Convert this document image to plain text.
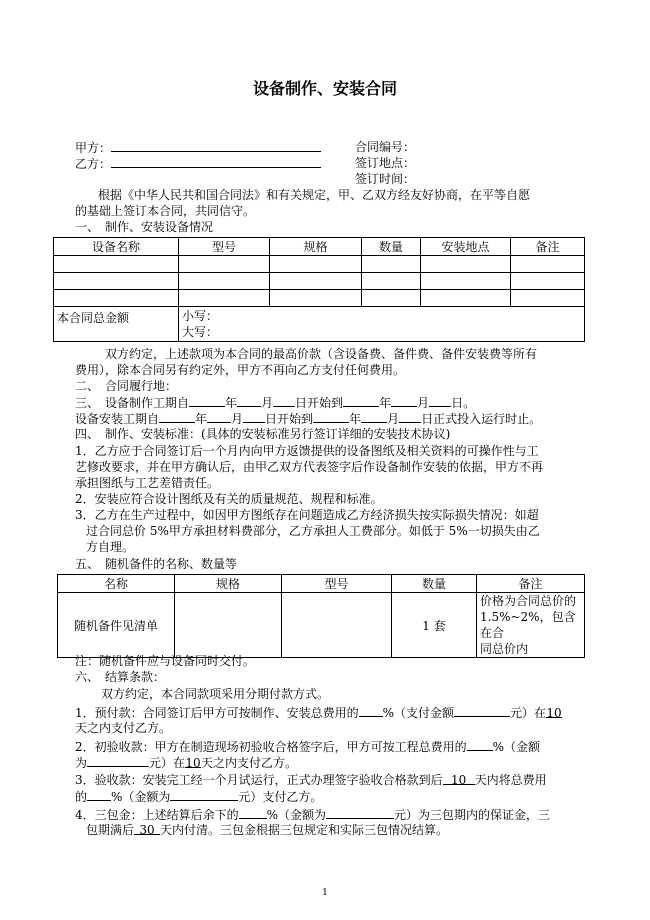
设备制作、安装合同
甲方：
乙方：
合同编号：
签订地点：
签订时间：
根据《中华人民共和国合同法》和有关规定，甲、乙双方经友好协商，在平等自愿
的基础上签订本合同，共同信守。
一、　制作、安装设备情况
设备名称	型号	规格	数量	安装地点	备注

本合同总金额	小写：
大写：				
双方约定，上述款项为本合同的最高价款（含设备费、备件费、备件安装费等所有
费用），除本合同另有约定外，甲方不再向乙方支付任何费用。
二、　合同履行地：
三、　设备制作工期自	年 月 日开始到	年 月 日。
设备安装工期自	年 月 日开始到	年 月 日正式投入运行时止。
四、　制作、安装标准：(具体的安装标准另行签订详细的安装技术协议)
1．乙方应于合同签订后一个月内向甲方返馈提供的设备图纸及相关资料的可操作性与工
艺修改要求，并在甲方确认后，由甲乙双方代表签字后作设备制作安装的依据，甲方不再
承担图纸与工艺差错责任。
2．安装应符合设计图纸及有关的质量规范、规程和标准。
3．乙方在生产过程中，如因甲方图纸存在问题造成乙方经济损失按实际损失情况：如超
过合同总价 5%甲方承担材料费部分，乙方承担人工费部分。如低于 5%一切损失由乙
方自理。
五、　随机备件的名称、数量等
名称	规格	型号	数量	备注
随机备件见清单			1 套	价格为合同总价的
1.5%~2%，包含在合
同总价内
注：随机备件应与设备同时交付。
六、　结算条款：
双方约定，本合同款项采用分期付款方式。
1．预付款：合同签订后甲方可按制作、安装总费用的 %（支付金额	元）在10
天之内支付乙方。
2．初验收款：甲方在制造现场初验收合格签字后，甲方可按工程总费用的 %（金额
为	元）在10天之内支付乙方。
3．验收款：安装完工经一个月试运行，正式办理签字验收合格款到后 10 天内将总费用
的 %（金额为	元）支付乙方。
4．三包金：上述结算后余下的 %（金额为	元）为三包期内的保证金，三
包期满后 30 天内付清。三包金根据三包规定和实际三包情况结算。
1
